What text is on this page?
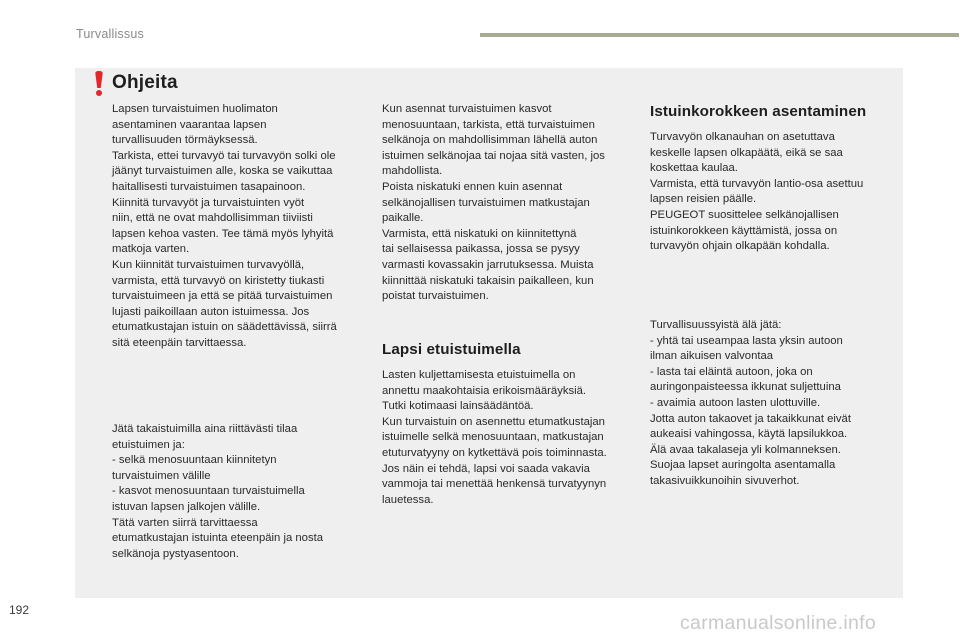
Turvallissus
Ohjeita

Lapsen turvaistuimen huolimaton
asentaminen vaarantaa lapsen
turvallisuuden törmäyksessä.
Tarkista, ettei turvavyö tai turvavyön solki ole
jäänyt turvaistuimen alle, koska se vaikuttaa
haitallisesti turvaistuimen tasapainoon.
Kiinnitä turvavyöt ja turvaistuinten vyöt
niin, että ne ovat mahdollisimman tiiviisti
lapsen kehoa vasten. Tee tämä myös lyhyitä
matkoja varten.
Kun kiinnität turvaistuimen turvavyöllä,
varmista, että turvavyö on kiristetty tiukasti
turvaistuimeen ja että se pitää turvaistuimen
lujasti paikoillaan auton istuimessa. Jos
etumatkustajan istuin on säädettävissä, siirrä
sitä eteenpäin tarvittaessa.

Jätä takaistuimilla aina riittävästi tilaa
etuistuimen ja:
- selkä menosuuntaan kiinnitetyn
turvaistuimen välille
- kasvot menosuuntaan turvaistuimella
istuvan lapsen jalkojen välille.
Tätä varten siirrä tarvittaessa
etumatkustajan istuinta eteenpäin ja nosta
selkänoja pystyasentoon.

Kun asennat turvaistuimen kasvot
menosuuntaan, tarkista, että turvaistuimen
selkänoja on mahdollisimman lähellä auton
istuimen selkänojaa tai nojaa sitä vasten, jos
mahdollista.
Poista niskatuki ennen kuin asennat
selkänojallisen turvaistuimen matkustajan
paikalle.
Varmista, että niskatuki on kiinnitettynä
tai sellaisessa paikassa, jossa se pysyy
varmasti kovassakin jarrutuksessa. Muista
kiinnittää niskatuki takaisin paikalleen, kun
poistat turvaistuimen.

Lapsi etuistuimella

Lasten kuljettamisesta etuistuimella on
annettu maakohtaisia erikoismääräyksiä.
Tutki kotimaasi lainsäädäntöä.
Kun turvaistuin on asennettu etumatkustajan
istuimelle selkä menosuuntaan, matkustajan
etuturvatyyny on kytkettävä pois toiminnasta.
Jos näin ei tehdä, lapsi voi saada vakavia
vammoja tai menettää henkensä turvatyynyn
lauetessa.

Istuinkorokkeen asentaminen

Turvavyön olkanauhan on asetuttava
keskelle lapsen olkapäätä, eikä se saa
koskettaa kaulaa.
Varmista, että turvavyön lantio-osa asettuu
lapsen reisien päälle.
PEUGEOT suosittelee selkänojallisen
istuinkorokkeen käyttämistä, jossa on
turvavyön ohjain olkapään kohdalla.

Turvallisuussyistä älä jätä:
- yhtä tai useampaa lasta yksin autoon
ilman aikuisen valvontaa
- lasta tai eläintä autoon, joka on
auringonpaisteessa ikkunat suljettuina
- avaimia autoon lasten ulottuville.
Jotta auton takaovet ja takaikkunat eivät
aukeaisi vahingossa, käytä lapsilukkoa.
Älä avaa takalaseja yli kolmanneksen.
Suojaa lapset auringolta asentamalla
takasivuikkunoihin sivuverhot.

192
carmanualsonline.info
